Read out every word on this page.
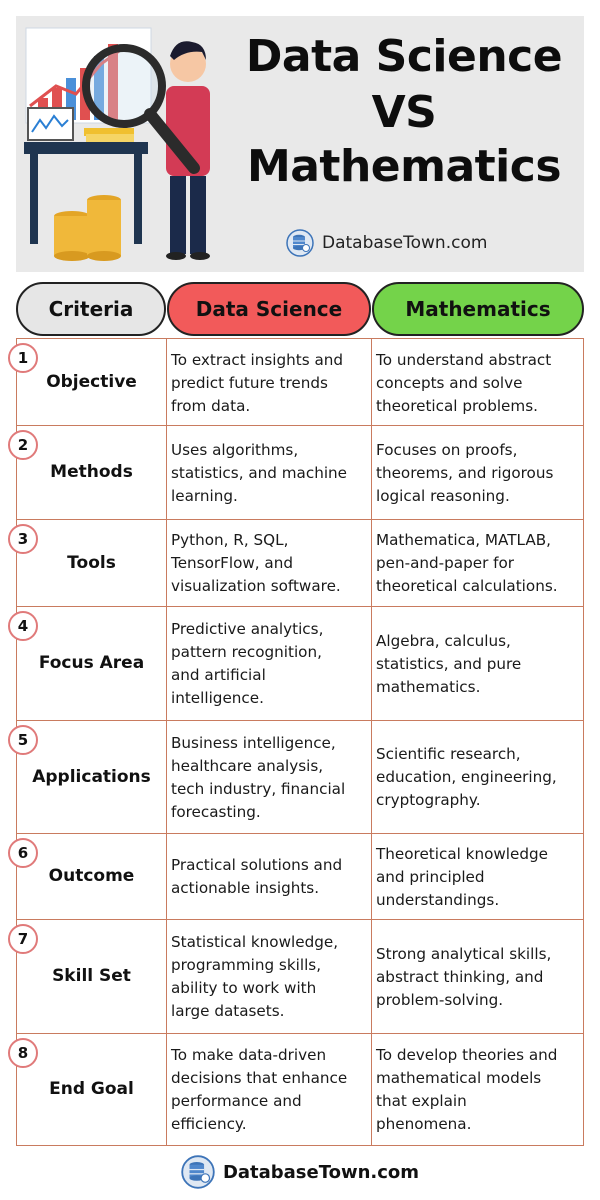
Data Science
VS
Mathematics
DatabaseTown.com
Criteria	Data Science	Mathematics
1
Objective
To extract insights and
predict future trends
from data.
To understand abstract
concepts and solve
theoretical problems.
2
Methods
Uses algorithms,
statistics, and machine
learning.
Focuses on proofs,
theorems, and rigorous
logical reasoning.
3
Tools
Python, R, SQL,
TensorFlow, and
visualization software.
Mathematica, MATLAB,
pen-and-paper for
theoretical calculations.
4
Focus Area
Predictive analytics,
pattern recognition,
and artificial
intelligence.
Algebra, calculus,
statistics, and pure
mathematics.
5
Applications
Business intelligence,
healthcare analysis,
tech industry, financial
forecasting.
Scientific research,
education, engineering,
cryptography.
6
Outcome
Practical solutions and
actionable insights.
Theoretical knowledge
and principled
understandings.
7
Skill Set
Statistical knowledge,
programming skills,
ability to work with
large datasets.
Strong analytical skills,
abstract thinking, and
problem-solving.
8
End Goal
To make data-driven
decisions that enhance
performance and
efficiency.
To develop theories and
mathematical models
that explain
phenomena.
DatabaseTown.com
